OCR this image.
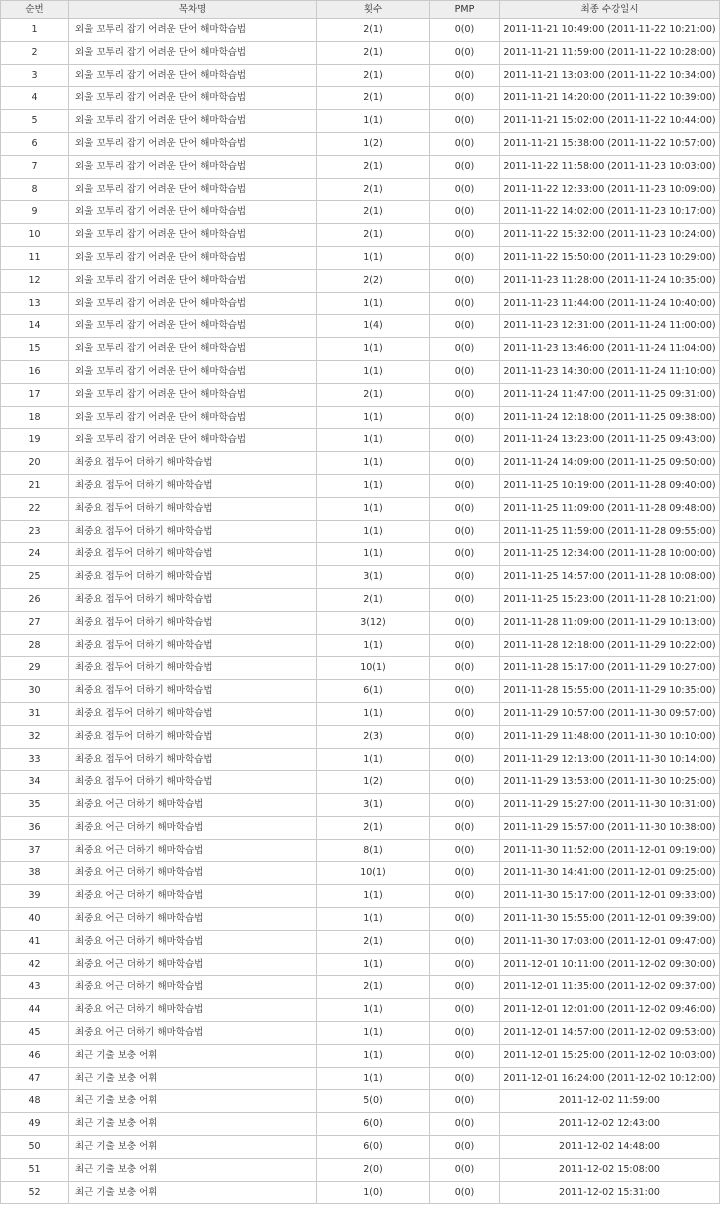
순번	목차명	횟수	PMP	최종 수강일시
1	외울 꼬투리 잡기 어려운 단어 해마학습법	2(1)	0(0)	2011-11-21 10:49:00 (2011-11-22 10:21:00)
2	외울 꼬투리 잡기 어려운 단어 해마학습법	2(1)	0(0)	2011-11-21 11:59:00 (2011-11-22 10:28:00)
3	외울 꼬투리 잡기 어려운 단어 해마학습법	2(1)	0(0)	2011-11-21 13:03:00 (2011-11-22 10:34:00)
4	외울 꼬투리 잡기 어려운 단어 해마학습법	2(1)	0(0)	2011-11-21 14:20:00 (2011-11-22 10:39:00)
5	외울 꼬투리 잡기 어려운 단어 해마학습법	1(1)	0(0)	2011-11-21 15:02:00 (2011-11-22 10:44:00)
6	외울 꼬투리 잡기 어려운 단어 해마학습법	1(2)	0(0)	2011-11-21 15:38:00 (2011-11-22 10:57:00)
7	외울 꼬투리 잡기 어려운 단어 해마학습법	2(1)	0(0)	2011-11-22 11:58:00 (2011-11-23 10:03:00)
8	외울 꼬투리 잡기 어려운 단어 해마학습법	2(1)	0(0)	2011-11-22 12:33:00 (2011-11-23 10:09:00)
9	외울 꼬투리 잡기 어려운 단어 해마학습법	2(1)	0(0)	2011-11-22 14:02:00 (2011-11-23 10:17:00)
10	외울 꼬투리 잡기 어려운 단어 해마학습법	2(1)	0(0)	2011-11-22 15:32:00 (2011-11-23 10:24:00)
11	외울 꼬투리 잡기 어려운 단어 해마학습법	1(1)	0(0)	2011-11-22 15:50:00 (2011-11-23 10:29:00)
12	외울 꼬투리 잡기 어려운 단어 해마학습법	2(2)	0(0)	2011-11-23 11:28:00 (2011-11-24 10:35:00)
13	외울 꼬투리 잡기 어려운 단어 해마학습법	1(1)	0(0)	2011-11-23 11:44:00 (2011-11-24 10:40:00)
14	외울 꼬투리 잡기 어려운 단어 해마학습법	1(4)	0(0)	2011-11-23 12:31:00 (2011-11-24 11:00:00)
15	외울 꼬투리 잡기 어려운 단어 해마학습법	1(1)	0(0)	2011-11-23 13:46:00 (2011-11-24 11:04:00)
16	외울 꼬투리 잡기 어려운 단어 해마학습법	1(1)	0(0)	2011-11-23 14:30:00 (2011-11-24 11:10:00)
17	외울 꼬투리 잡기 어려운 단어 해마학습법	2(1)	0(0)	2011-11-24 11:47:00 (2011-11-25 09:31:00)
18	외울 꼬투리 잡기 어려운 단어 해마학습법	1(1)	0(0)	2011-11-24 12:18:00 (2011-11-25 09:38:00)
19	외울 꼬투리 잡기 어려운 단어 해마학습법	1(1)	0(0)	2011-11-24 13:23:00 (2011-11-25 09:43:00)
20	최중요 접두어 더하기 해마학습법	1(1)	0(0)	2011-11-24 14:09:00 (2011-11-25 09:50:00)
21	최중요 접두어 더하기 해마학습법	1(1)	0(0)	2011-11-25 10:19:00 (2011-11-28 09:40:00)
22	최중요 접두어 더하기 해마학습법	1(1)	0(0)	2011-11-25 11:09:00 (2011-11-28 09:48:00)
23	최중요 접두어 더하기 해마학습법	1(1)	0(0)	2011-11-25 11:59:00 (2011-11-28 09:55:00)
24	최중요 접두어 더하기 해마학습법	1(1)	0(0)	2011-11-25 12:34:00 (2011-11-28 10:00:00)
25	최중요 접두어 더하기 해마학습법	3(1)	0(0)	2011-11-25 14:57:00 (2011-11-28 10:08:00)
26	최중요 접두어 더하기 해마학습법	2(1)	0(0)	2011-11-25 15:23:00 (2011-11-28 10:21:00)
27	최중요 접두어 더하기 해마학습법	3(12)	0(0)	2011-11-28 11:09:00 (2011-11-29 10:13:00)
28	최중요 접두어 더하기 해마학습법	1(1)	0(0)	2011-11-28 12:18:00 (2011-11-29 10:22:00)
29	최중요 접두어 더하기 해마학습법	10(1)	0(0)	2011-11-28 15:17:00 (2011-11-29 10:27:00)
30	최중요 접두어 더하기 해마학습법	6(1)	0(0)	2011-11-28 15:55:00 (2011-11-29 10:35:00)
31	최중요 접두어 더하기 해마학습법	1(1)	0(0)	2011-11-29 10:57:00 (2011-11-30 09:57:00)
32	최중요 접두어 더하기 해마학습법	2(3)	0(0)	2011-11-29 11:48:00 (2011-11-30 10:10:00)
33	최중요 접두어 더하기 해마학습법	1(1)	0(0)	2011-11-29 12:13:00 (2011-11-30 10:14:00)
34	최중요 접두어 더하기 해마학습법	1(2)	0(0)	2011-11-29 13:53:00 (2011-11-30 10:25:00)
35	최중요 어근 더하기 해마학습법	3(1)	0(0)	2011-11-29 15:27:00 (2011-11-30 10:31:00)
36	최중요 어근 더하기 해마학습법	2(1)	0(0)	2011-11-29 15:57:00 (2011-11-30 10:38:00)
37	최중요 어근 더하기 해마학습법	8(1)	0(0)	2011-11-30 11:52:00 (2011-12-01 09:19:00)
38	최중요 어근 더하기 해마학습법	10(1)	0(0)	2011-11-30 14:41:00 (2011-12-01 09:25:00)
39	최중요 어근 더하기 해마학습법	1(1)	0(0)	2011-11-30 15:17:00 (2011-12-01 09:33:00)
40	최중요 어근 더하기 해마학습법	1(1)	0(0)	2011-11-30 15:55:00 (2011-12-01 09:39:00)
41	최중요 어근 더하기 해마학습법	2(1)	0(0)	2011-11-30 17:03:00 (2011-12-01 09:47:00)
42	최중요 어근 더하기 해마학습법	1(1)	0(0)	2011-12-01 10:11:00 (2011-12-02 09:30:00)
43	최중요 어근 더하기 해마학습법	2(1)	0(0)	2011-12-01 11:35:00 (2011-12-02 09:37:00)
44	최중요 어근 더하기 해마학습법	1(1)	0(0)	2011-12-01 12:01:00 (2011-12-02 09:46:00)
45	최중요 어근 더하기 해마학습법	1(1)	0(0)	2011-12-01 14:57:00 (2011-12-02 09:53:00)
46	최근 기출 보충 어휘	1(1)	0(0)	2011-12-01 15:25:00 (2011-12-02 10:03:00)
47	최근 기출 보충 어휘	1(1)	0(0)	2011-12-01 16:24:00 (2011-12-02 10:12:00)
48	최근 기출 보충 어휘	5(0)	0(0)	2011-12-02 11:59:00
49	최근 기출 보충 어휘	6(0)	0(0)	2011-12-02 12:43:00
50	최근 기출 보충 어휘	6(0)	0(0)	2011-12-02 14:48:00
51	최근 기출 보충 어휘	2(0)	0(0)	2011-12-02 15:08:00
52	최근 기출 보충 어휘	1(0)	0(0)	2011-12-02 15:31:00
